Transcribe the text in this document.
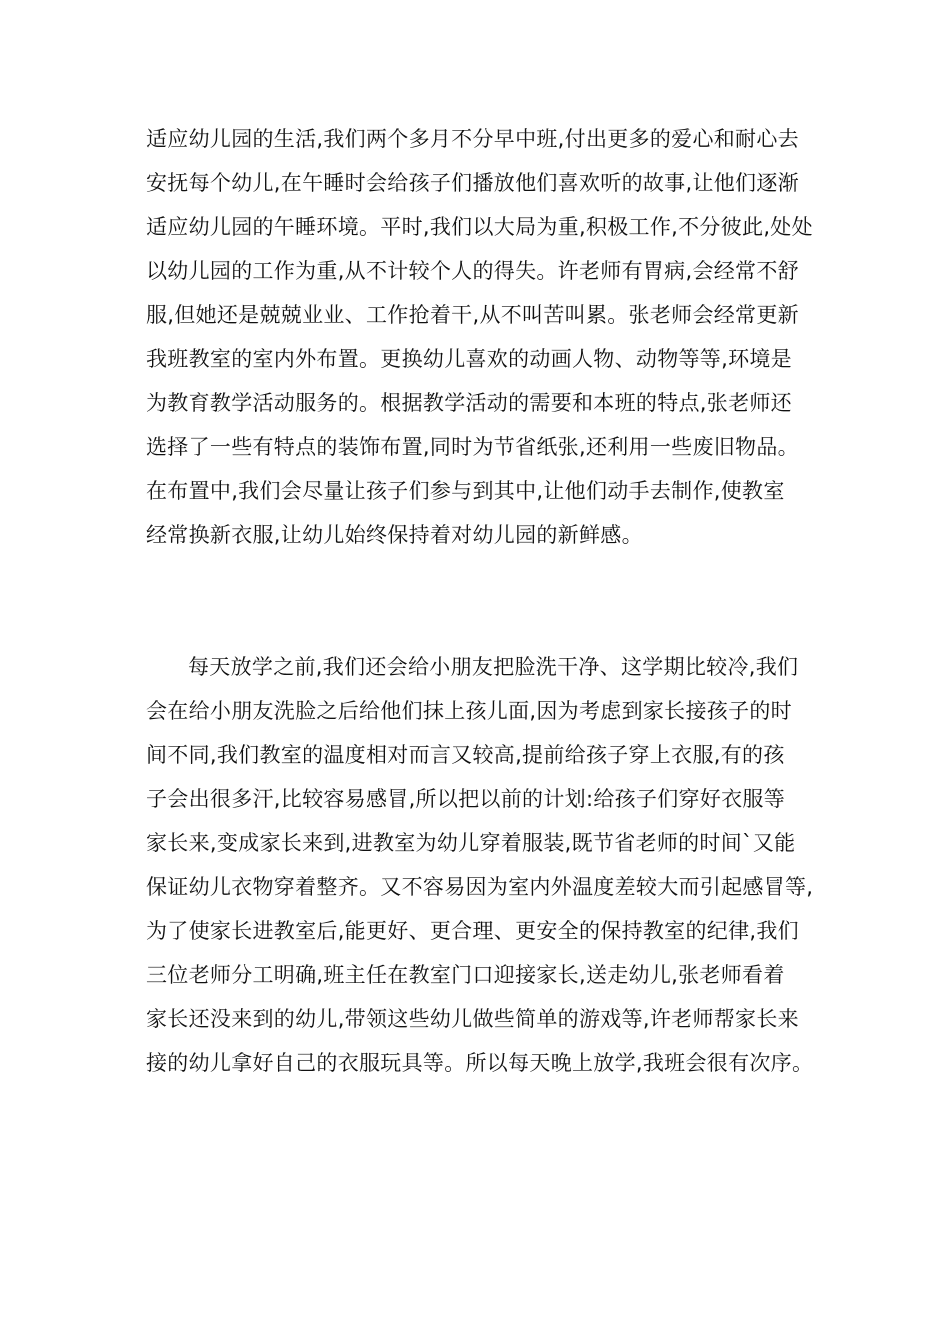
适应幼儿园的生活,我们两个多月不分早中班,付出更多的爱心和耐心去
安抚每个幼儿,在午睡时会给孩子们播放他们喜欢听的故事,让他们逐渐
适应幼儿园的午睡环境。平时,我们以大局为重,积极工作,不分彼此,处处
以幼儿园的工作为重,从不计较个人的得失。许老师有胃病,会经常不舒
服,但她还是兢兢业业、工作抢着干,从不叫苦叫累。张老师会经常更新
我班教室的室内外布置。更换幼儿喜欢的动画人物、动物等等,环境是
为教育教学活动服务的。根据教学活动的需要和本班的特点,张老师还
选择了一些有特点的装饰布置,同时为节省纸张,还利用一些废旧物品。
在布置中,我们会尽量让孩子们参与到其中,让他们动手去制作,使教室
经常换新衣服,让幼儿始终保持着对幼儿园的新鲜感。
每天放学之前,我们还会给小朋友把脸洗干净、这学期比较冷,我们
会在给小朋友洗脸之后给他们抹上孩儿面,因为考虑到家长接孩子的时
间不同,我们教室的温度相对而言又较高,提前给孩子穿上衣服,有的孩
子会出很多汗,比较容易感冒,所以把以前的计划:给孩子们穿好衣服等
家长来,变成家长来到,进教室为幼儿穿着服装,既节省老师的时间`又能
保证幼儿衣物穿着整齐。又不容易因为室内外温度差较大而引起感冒等,
为了使家长进教室后,能更好、更合理、更安全的保持教室的纪律,我们
三位老师分工明确,班主任在教室门口迎接家长,送走幼儿,张老师看着
家长还没来到的幼儿,带领这些幼儿做些简单的游戏等,许老师帮家长来
接的幼儿拿好自己的衣服玩具等。所以每天晚上放学,我班会很有次序。
